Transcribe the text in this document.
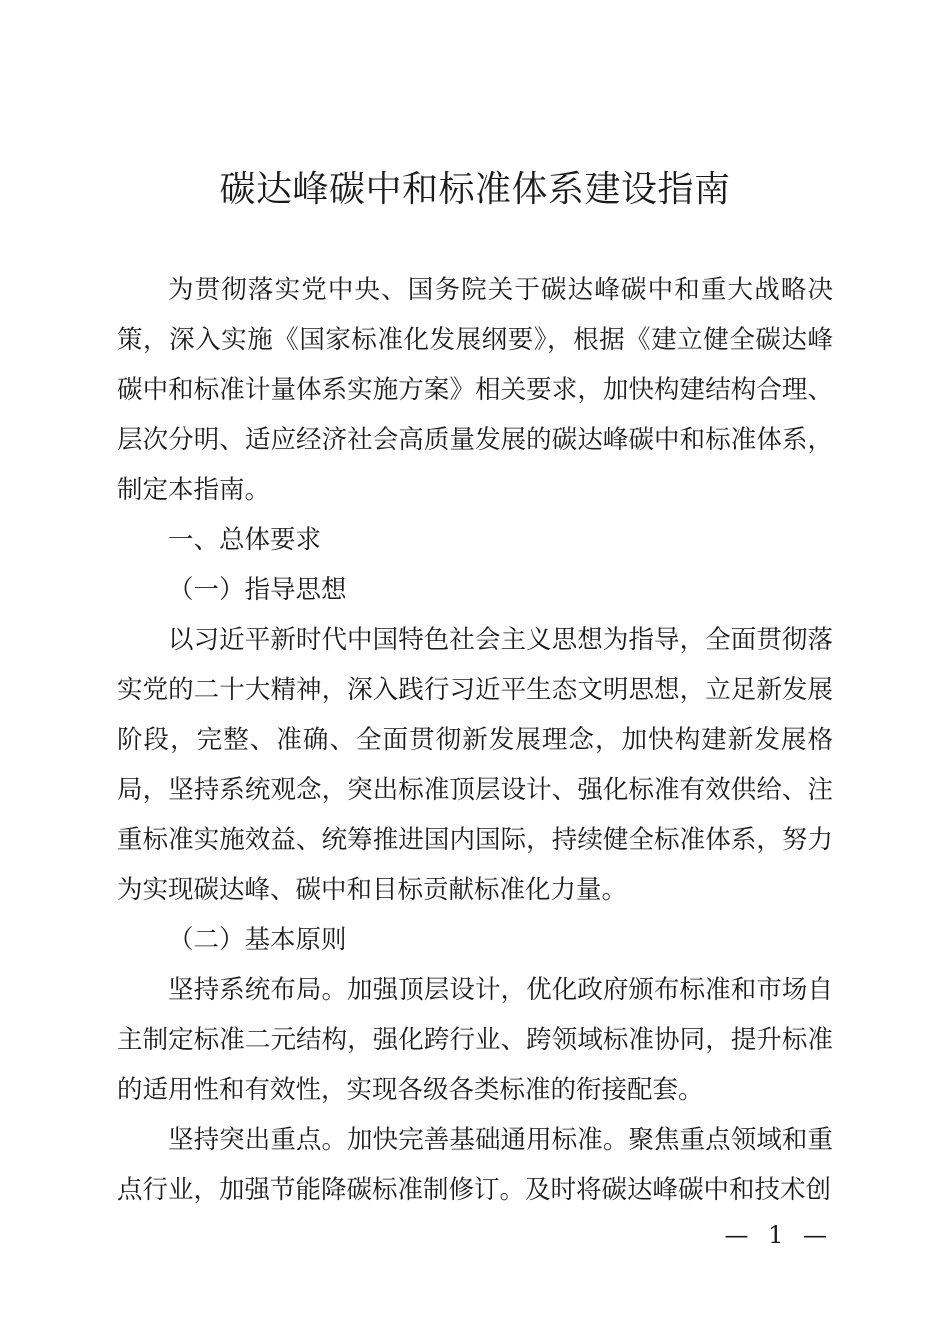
碳达峰碳中和标准体系建设指南

为贯彻落实党中央、国务院关于碳达峰碳中和重大战略决策，深入实施《国家标准化发展纲要》，根据《建立健全碳达峰碳中和标准计量体系实施方案》相关要求，加快构建结构合理、层次分明、适应经济社会高质量发展的碳达峰碳中和标准体系，制定本指南。

一、总体要求

（一）指导思想

以习近平新时代中国特色社会主义思想为指导，全面贯彻落实党的二十大精神，深入践行习近平生态文明思想，立足新发展阶段，完整、准确、全面贯彻新发展理念，加快构建新发展格局，坚持系统观念，突出标准顶层设计、强化标准有效供给、注重标准实施效益、统筹推进国内国际，持续健全标准体系，努力为实现碳达峰、碳中和目标贡献标准化力量。

（二）基本原则

坚持系统布局。加强顶层设计，优化政府颁布标准和市场自主制定标准二元结构，强化跨行业、跨领域标准协同，提升标准的适用性和有效性，实现各级各类标准的衔接配套。

坚持突出重点。加快完善基础通用标准。聚焦重点领域和重点行业，加强节能降碳标准制修订。及时将碳达峰碳中和技术创

— 1 —
